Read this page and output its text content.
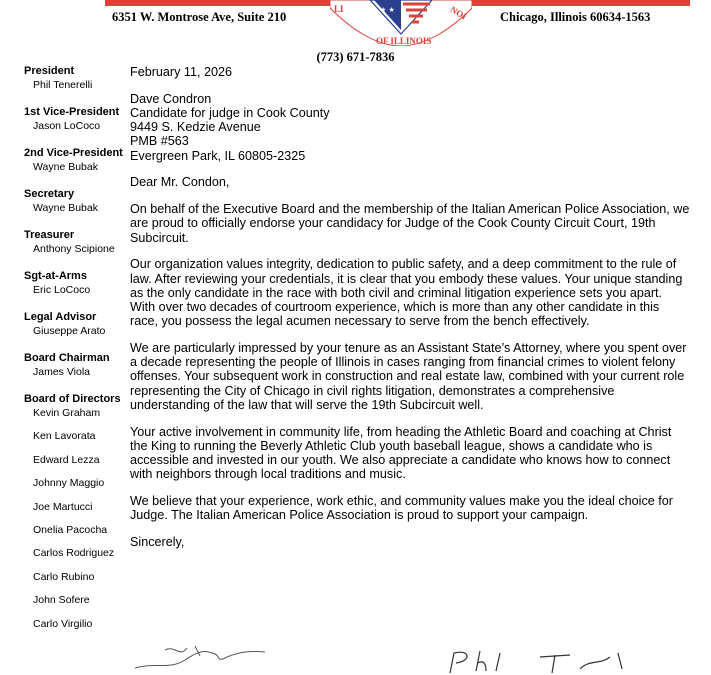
6351 W. Montrose Ave, Suite 210	Chicago, Illinois 60634-1563
★ ★
LI	NOI
OF ILLINOIS
(773) 671-7836
President
Phil Tenerelli
1st Vice-President
Jason LoCoco
2nd Vice-President
Wayne Bubak
Secretary
Wayne Bubak
Treasurer
Anthony Scipione
Sgt-at-Arms
Eric LoCoco
Legal Advisor
Giuseppe Arato
Board Chairman
James Viola
Board of Directors
Kevin Graham
Ken Lavorata
Edward Lezza
Johnny Maggio
Joe Martucci
Onelia Pacocha
Carlos Rodriguez
Carlo Rubino
John Sofere
Carlo Virgilio

February 11, 2026

Dave Condron
Candidate for judge in Cook County
9449 S. Kedzie Avenue
PMB #563
Evergreen Park, IL 60805-2325

Dear Mr. Condon,

On behalf of the Executive Board and the membership of the Italian American Police Association, we are proud to officially endorse your candidacy for Judge of the Cook County Circuit Court, 19th Subcircuit.

Our organization values integrity, dedication to public safety, and a deep commitment to the rule of law. After reviewing your credentials, it is clear that you embody these values. Your unique standing as the only candidate in the race with both civil and criminal litigation experience sets you apart. With over two decades of courtroom experience, which is more than any other candidate in this race, you possess the legal acumen necessary to serve from the bench effectively.

We are particularly impressed by your tenure as an Assistant State’s Attorney, where you spent over a decade representing the people of Illinois in cases ranging from financial crimes to violent felony offenses. Your subsequent work in construction and real estate law, combined with your current role representing the City of Chicago in civil rights litigation, demonstrates a comprehensive understanding of the law that will serve the 19th Subcircuit well.

Your active involvement in community life, from heading the Athletic Board and coaching at Christ the King to running the Beverly Athletic Club youth baseball league, shows a candidate who is accessible and invested in our youth. We also appreciate a candidate who knows how to connect with neighbors through local traditions and music.

We believe that your experience, work ethic, and community values make you the ideal choice for Judge. The Italian American Police Association is proud to support your campaign.

Sincerely,
